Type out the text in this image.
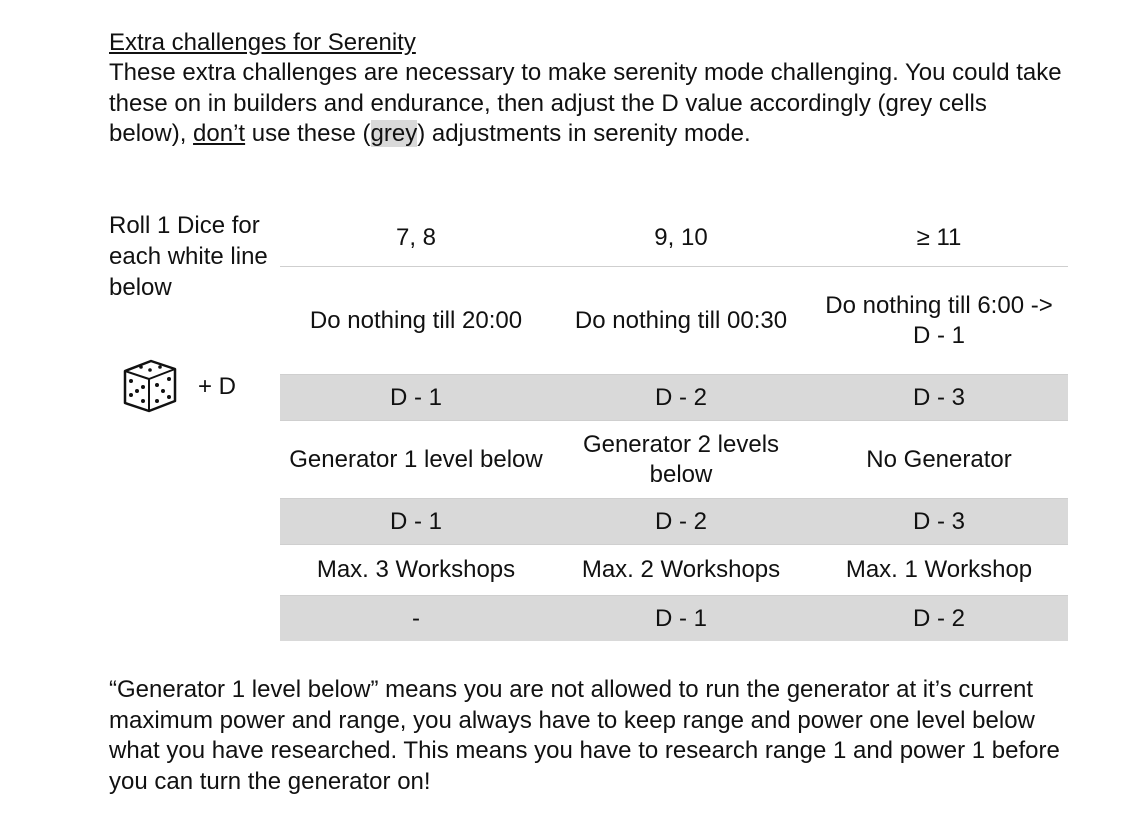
Extra challenges for Serenity

These extra challenges are necessary to make serenity mode challenging. You could take these on in builders and endurance, then adjust the D value accordingly (grey cells below), don’t use these (grey) adjustments in serenity mode.

Roll 1 Dice for each white line below
+ D
7, 8	9, 10	≥ 11
Do nothing till 20:00	Do nothing till 00:30	Do nothing till 6:00 -> D - 1
D - 1	D - 2	D - 3
Generator 1 level below	Generator 2 levels below	No Generator
D - 1	D - 2	D - 3
Max. 3 Workshops	Max. 2 Workshops	Max. 1 Workshop
-	D - 1	D - 2

“Generator 1 level below” means you are not allowed to run the generator at it’s current maximum power and range, you always have to keep range and power one level below what you have researched. This means you have to research range 1 and power 1 before you can turn the generator on!
